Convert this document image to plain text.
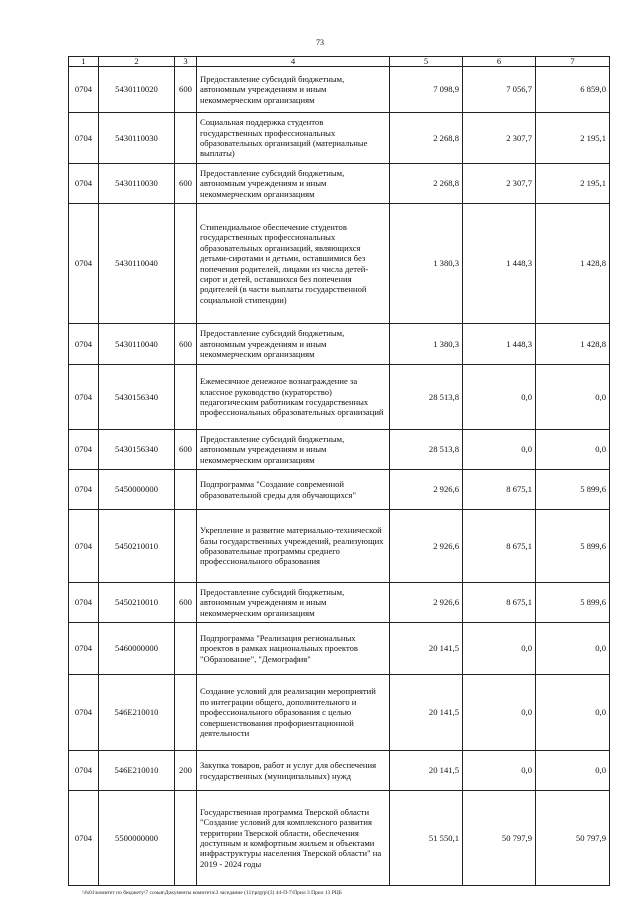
73
1	2	3	4	5	6	7
0704	5430110020	600	Предоставление субсидий бюджетным, автономным учреждениям и иным некоммерческим организациям	7 098,9	7 056,7	6 859,0
0704	5430110030		Социальная поддержка студентов государственных профессиональных образовательных организаций (материальные выплаты)	2 268,8	2 307,7	2 195,1
0704	5430110030	600	Предоставление субсидий бюджетным, автономным учреждениям и иным некоммерческим организациям	2 268,8	2 307,7	2 195,1
0704	5430110040		Стипендиальное обеспечение студентов государственных профессиональных образовательных организаций, являющихся детьми-сиротами и детьми, оставшимися без попечения родителей, лицами из числа детей-сирот и детей, оставшихся без попечения родителей (в части выплаты государственной социальной стипендии)	1 380,3	1 448,3	1 428,8
0704	5430110040	600	Предоставление субсидий бюджетным, автономным учреждениям и иным некоммерческим организациям	1 380,3	1 448,3	1 428,8
0704	5430156340		Ежемесячное денежное вознаграждение за классное руководство (кураторство) педагогическим работникам государственных профессиональных образовательных организаций	28 513,8	0,0	0,0
0704	5430156340	600	Предоставление субсидий бюджетным, автономным учреждениям и иным некоммерческим организациям	28 513,8	0,0	0,0
0704	5450000000		Подпрограмма "Создание современной образовательной среды для обучающихся"	2 926,6	8 675,1	5 899,6
0704	5450210010		Укрепление и развитие материально-технической базы государственных учреждений, реализующих образовательные программы среднего профессионального образования	2 926,6	8 675,1	5 899,6
0704	5450210010	600	Предоставление субсидий бюджетным, автономным учреждениям и иным некоммерческим организациям	2 926,6	8 675,1	5 899,6
0704	5460000000		Подпрограмма "Реализация региональных проектов в рамках национальных проектов "Образование", "Демография"	20 141,5	0,0	0,0
0704	546E210010		Создание условий для реализации мероприятий по интеграции общего, дополнительного и профессионального образования с целью совершенствования профориентационной деятельности	20 141,5	0,0	0,0
0704	546E210010	200	Закупка товаров, работ и услуг для обеспечения государственных (муниципальных) нужд	20 141,5	0,0	0,0
0704	5500000000		Государственная программа Тверской области "Создание условий для комплексного развития территории Тверской области, обеспечения доступным и комфортным жильем и объектами инфраструктуры населения Тверской области" на 2019 - 2024 годы	51 550,1	50 797,9	50 797,9
\\fs01\комитет по бюджету\7 созыв\Документы комитета\3 заседание (11)\prgrp\(3) 44-П-7\Прил 3 Прил 13 РЦБ
